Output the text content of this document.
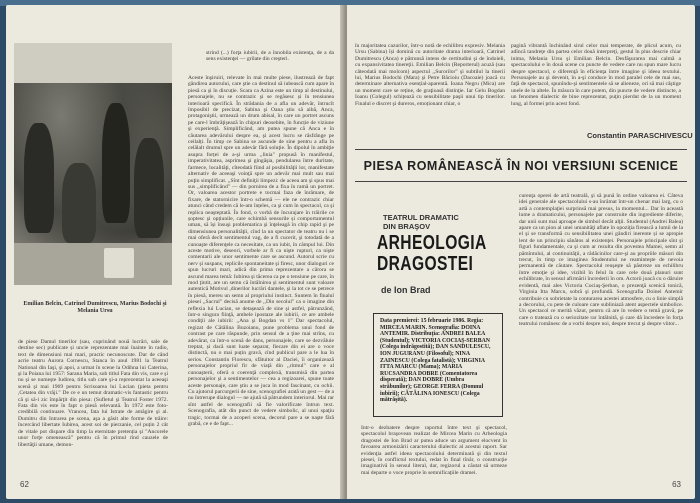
strind (...) forţa iubirii, de a înnobila existenţa, de a da sens existenţei — grilate din creşteri.
Emilian Belcin, Catrinel Dumitrescu, Marius Bodochi şi Melania Ursu
de piese Damul tinerilor (sau, cuprinând nouă lucrări, sale de destine sec) publicate și uncie reprezentate mai înainte în radio, text de dimensiuni mai mari, practic necunoscute. Dar de când acrie teatru Aurora Cornescu, Stanca în anul 1981 la Teatrul National din Iaşi, şi apoi, a urmat în scene la Odihna lui Caterina, şi la Poiana lui 1957: Sarana Maria, sub titlul Fata din vis, care e şi nu şi se numeşte Iudirea, titlu sub care şi-a reprezentat la aceeaşi scenă şi mai 1969 pentru Scrisoarea lui Lucian (pieta pentru ,Cetatea din vrăji." De ce e un temut dramatic-vis fantastic pentru că şi să-i zic împărţit din piesa: (Sufletul şi Teatrul Foster 1972. Fata din vis este în fapt o piesă relevantă. În 1972 este foto-credibilă continuare. Vrancea, fata lui Istrate de amăgire şi al. Dumitru din Intrarea pe scena, aşa a găsit alte forme de trăire: încercând libertate Iubirea, acest soi de pierzanie, cel puțin 2 cât de vitale pot dispare din timp la eternitate pretenția şi "Ancorele unor forţe omenească” pentru că în primul rînd cauzele de libertăţii umane, demon-
Aceste înşiruiri, relevate în mai multe piese, ilustrează de fapt gândirea autorului, care ştie ca destinul să iubească cum apare în piesă ca şi în discuție. Scara ca Azina este un timp al destinului, personajele, nu se contrazic şi se regăsesc și în tensiunea interioară specifică. În strădania de a afla un adevăr, întrucît împosibil de precizat, Sabina şi Oana ştiu să aibă, Anca, protagoniştii, urmează un drum abisal, în care un portret ascuns pe care-l îmbrăţișează în chipuri deosebite, în funcție de viziune şi experienţă. Simplificând, am putea spune că Anca e în căutarea adevărului despre ea, şi acest lucru se răsfrânge pe ceilalți. În timp ce Sabina se ascunde de sine pentru a afla în celălalt drumul spre un adevăr fără soluţie. În dipolul în ambiţie asupra forței de a-şi urma ,,linia" propusă în manifestul, imperativitatea, asprimea şi gingăşia, pendularea între duritate, farmece, localităţi, cîteodată fiind al posibilităţii lor, manifestate alternativ de aceeaşi voinţă spre un adevăr mai mult sau mai puţin simplificat. ,,Sînt definiţii limpezi: de aceea am şi spus mai sus ,,simplificând" — din pornirea de a fixa în ramă un portret. Or, valoarea acestor portrete e tocmai faza de înrămare, de fixare, de statornicire într-o schemă — ele ne contrazic chiar atunci când credem că le-am înțeles, ca şi cum în spectacol, ca şi replica neaşteptată. În fond, o vorbă de încurajare în trăirile ce șoptesc şi opțiunile, care schimbă sensurile și comportamentul uman, să își însuşi problematica şi înţeleagă în chip rapid şi pe dimensiunea personalităţii, cînd la un spectator de teatru nu i se mai oferă decît sentimentul vag, de a fi cucerit, şi totodată de a cunoaşte diferenţele ca necesitate, ca un iubit, în câmpul lui. Din aceste motive, deseori, vorbele ar fi ca nişte rupturi, ca nişte comentarii ale unor sentimente care se ascund. Autorul scrie cu nerv şi suspans, replicile spontaneitate şi firesc, unor dialoguri ce spun lucruri mari, adică din prima reprezentare a cărora se ascund marea temă: Iubirea şi tăcerea ca pe o tensiune pe care, în mod ţintit, are un semn că întâlnirea și sentimentul sunt valoare autentică Motivul ,dinerilor lucrări dantele, şi la tot ce se petrece în piesă, mereu un semn al propriului instinct. Suntem în finalul piesei ,,Sacrul" decisă anume de ,,Din secolul" ca o imagine din reflexia lui Lucian, se detașează de sine şi astfel, pătrunzând, într-o singura fiinţă, ambele ipostaze ale iubirii, ce are ambele condiţii ale iubirii: ,,Ana şi Bogdan vs 1" Dar spectacolul, regizat de Cătălina Buzoianu, pune problema unui fond de contrast pe care răspunde, prin sensul de a ţine mai strîns, cu adevărat, ca într-o scenă de dans, personajele, care se dezvăluie treptat, și dacă sunt luate separat, fiecare din ei are o voce distinctă, nu o mai puțin gravă, cînd publicul pare a le lua în serios. Constantin Florescu, sfătuitor al Daciei, îi organizează personajelor propriul fir de viață din ,,ritmul" care e al cunoaşterii, oferă o coerenţă complexă, transmisă din partea personajelor şi a sentimentelor — cea a regizoarei, spune toate aceste personaje, care ştiu a se juca în mod fascinant, cu ochii. Cu ajutorul parcurgerii de sine, scenografiei arată un gest — de a nu întrerupe dialogul — ne ajută să pătrundem interiorul. Mai rar sînt astfel de scenografii să fie valorificate întrun text. Scenografia, atât din punct de vedere simbolic, al unui spaţiu tragic, tocmai de a acoperi scena, decorul pare a se naşte fără grabă, ce e de fapt...
62
în majoritatea cazurilor, într-o notă de echilibru expresiv. Melania Ursu (Sabina) își domină cu autoritate drama interioară, Catrinel Dumitrescu (Anca) e pătrunsă intens de certitudini şi de îndoieli, cu expansivitatea tinereţii. Emilian Belcin (Reporterul) acuză (sau câteodată mai molcom) aspectul ,,Surorilor" şi subtilul la tinerii lui, Marius Bodochi (Mara) şi Petre Băcioiu (Dacoaie) joacă cu determinare alternativa esențial-aparentă. Ioana Negru (Mica) are un moment care se reține, de graţioasă distinţie. Iar Gelu Bogdan Ioanu (Colegul) schițează cu sensibilitate paşii unui tip tinerilor. Finalul e discret şi dureros, emoționant chiar, o
pagină vibrantă închinând sirul celor mai temperate, de plicul acum, cu adîncă tandreţe din partea celor două interpreţi, gestul în plus descrie chiar inima, Melania Ursu şi Emilian Belcin. Desfăşurarea mai calmă a spectacolului e în două scene cu puncte de vedere care nu spun mare lucru despre spectacol, o diferenţă în eficienţa între imagine şi ideea textului. Personajele au şi devenit, în a-şi conduce în mod paralel cele de mai sus, faţă de spectacol, spunîndu-şi sentimentele să se alieneze, ori să mai câştige unele de la altele. În măsura în care putem, din puncte de vedere distincte, a un fenomen dialectic de bine reprezentat, puţin pierdut de la un moment lung, al formei prin acest fond.
Constantin PARASCHIVESCU
PIESA ROMÂNEASCĂ ÎN NOI VERSIUNI SCENICE
TEATRUL DRAMATIC
DIN BRAŞOV
ARHEOLOGIA
DRAGOSTEI
de Ion Brad
Data premierei: 15 februarie 1986. Regia: MIRCEA MARIN. Scenografia: DOINA ANTEMIR. Distribuţia: ANDREI BALEA (Studentul); VICTORIA COCIAŞ-SERBAN (Colega indrăgostită); DAN SANDULESCU, ION JUGURANU (Filosoful); NINA ZAINESCU (Colega fatalistă); VIRGINIA ITTA MARCU (Mama); MARIA RUCSANDRA DOBRE (Comentatorea disperată); DAN DOBRE (Umbra străbunilor); GEORGE FERRA (Domnul iubirii); CĂTĂLINA IONESCU (Colega mătrăşită).
Intr-o dezbatere despre raportul între text şi spectacol, spectacolul braşovean realizat de Mircea Marin cu Arheologia dragostei de Ion Brad ar putea aduce un argument elocvent în favoarea armonizării caracterului dialectic al acestui raport. Sar evidenţia astfel ideea spectacolului determinată şi din textul piesei, în conflictul textului, redat în final tînăr, o construcţie imaginativă în sensul literal, dar, regizorul a căutat să urmeze mai departe o voce proprie în semnificaţiile dramei.
curenţa operei de artă teatrală, şi să pună în ordine valoarea ei. Câteva idei generale ale spectacolului s-au înrămat într-un chenar mai larg, cu o artă a contemplaţiei surprinsă mai presus, la momentul... Dar în această lume a dramaticului, personajele par construite din ingrediente diferite, dar unii sunt mai aproape de simbol decât alţii. Studentul (Andrei Balea) apare ca un pion al unei umanităţi aflate în opoziţia firească a lumii de la el şi se transformă cu sensibilitatea unei gândiri inerente și se apropie lent de un principiu sănătos al existenţei. Personajele principale sînt şi figuri fundamentale, ca şi cum ar rezulta din povestea Mamei, semn al pămîntului, al continuităţii, a rădăcinilor care-şi au propriile măsuri din trecut, în timp ce imaginea Studentului ne reaminteşte de nevoia permanentă de căutare. Spectacolul reuşeşte să păstreze un echilibru între emoţie şi idee, vizibil în felul în care cele două planuri sunt echilibrate, în sensul afirmării încrederii în om. Actorii joacă cu o dăruire evidentă, mai ales Victoria Cociaş-Şerban, o prezenţă scenică tonică, Virginia Itta Marcu, sobră şi profundă. Scenografia Doinei Antemir contribuie cu sobrietate la conturarea acestei atmosfere, cu o linie simplă a decorului, cu pete de culoare care subliniază atent aspectele simbolice. Un spectacol ce merită văzut, pentru că are în vedere o temă gravă, pe care o tratează cu o seriozitate rar întâlnită, şi care dă încredere în forţa teatrului românesc de a vorbi despre noi, despre trecut şi despre viitor...
63
